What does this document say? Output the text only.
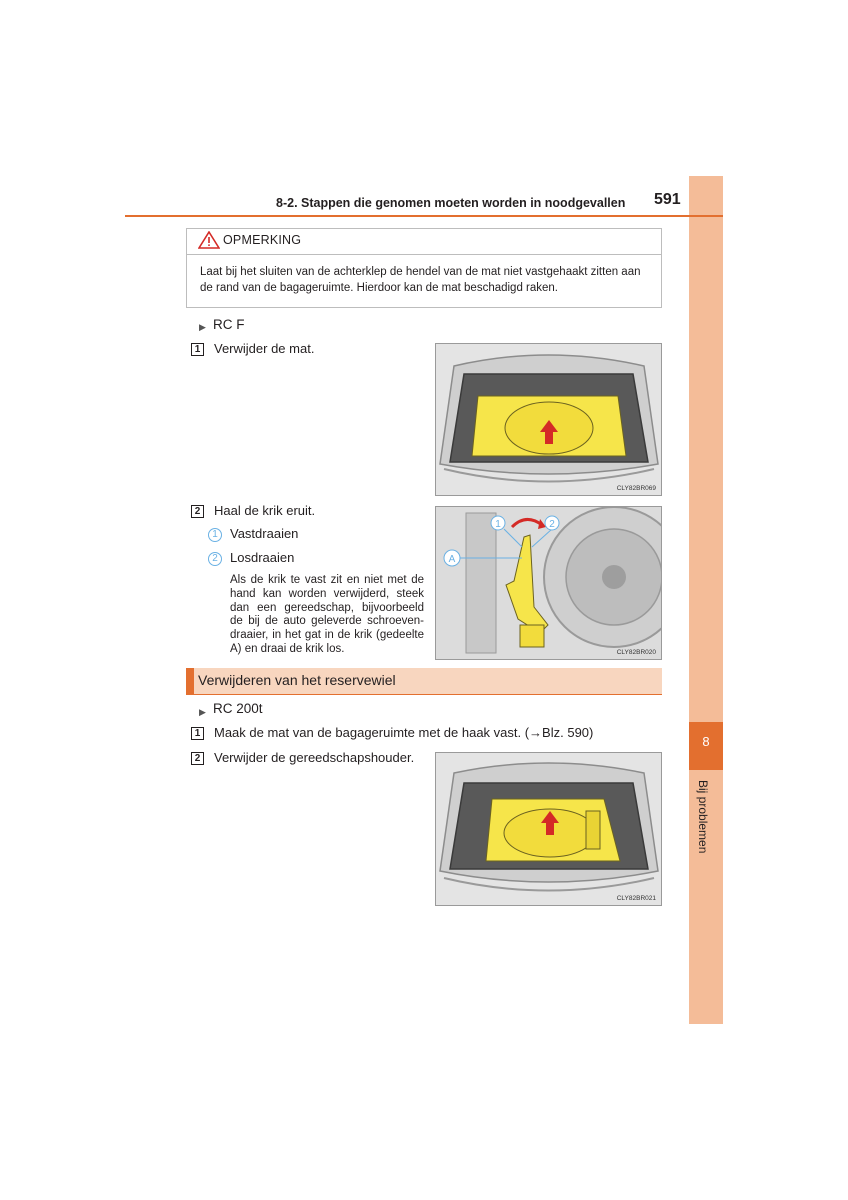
8
Bij problemen
8-2. Stappen die genomen moeten worden in noodgevallen 591
OPMERKING
Laat bij het sluiten van de achterklep de hendel van de mat niet vastgehaakt zitten aan de rand van de bagageruimte. Hierdoor kan de mat beschadigd raken.
▶ RC F
1 Verwijder de mat.
CLY82BR069
2 Haal de krik eruit.
1 Vastdraaien
2 Losdraaien
Als de krik te vast zit en niet met de hand kan worden verwijderd, steek dan een gereedschap, bijvoorbeeld de bij de auto geleverde schroeven-draaier, in het gat in de krik (gedeelte A) en draai de krik los.
1	2
A
CLY82BR020
Verwijderen van het reservewiel
▶ RC 200t
1 Maak de mat van de bagageruimte met de haak vast. (→Blz. 590)
2 Verwijder de gereedschapshouder.
CLY82BR021
